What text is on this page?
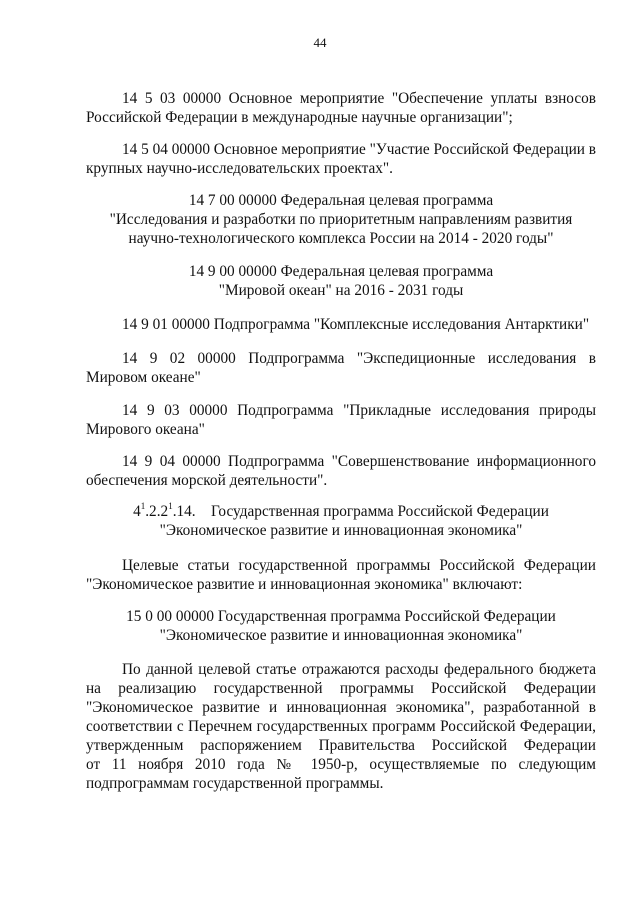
44
14 5 03 00000 Основное мероприятие "Обеспечение уплаты взносов
Российской Федерации в международные научные организации";
14 5 04 00000 Основное мероприятие "Участие Российской Федерации в
крупных научно-исследовательских проектах".
14 7 00 00000 Федеральная целевая программа
"Исследования и разработки по приоритетным направлениям развития
научно-технологического комплекса России на 2014 - 2020 годы"
14 9 00 00000 Федеральная целевая программа
"Мировой океан" на 2016 - 2031 годы
14 9 01 00000 Подпрограмма "Комплексные исследования Антарктики"
14 9 02 00000 Подпрограмма "Экспедиционные исследования в
Мировом океане"
14 9 03 00000 Подпрограмма "Прикладные исследования природы
Мирового океана"
14 9 04 00000 Подпрограмма "Совершенствование информационного
обеспечения морской деятельности".
$4^1.2.2^1.14$. Государственная программа Российской Федерации
"Экономическое развитие и инновационная экономика"
Целевые статьи государственной программы Российской Федерации
"Экономическое развитие и инновационная экономика" включают:
15 0 00 00000 Государственная программа Российской Федерации
"Экономическое развитие и инновационная экономика"
По данной целевой статье отражаются расходы федерального бюджета
на реализацию государственной программы Российской Федерации
"Экономическое развитие и инновационная экономика", разработанной в
соответствии с Перечнем государственных программ Российской Федерации,
утвержденным распоряжением Правительства Российской Федерации
от 11 ноября 2010 года № 1950-р, осуществляемые по следующим
подпрограммам государственной программы.
